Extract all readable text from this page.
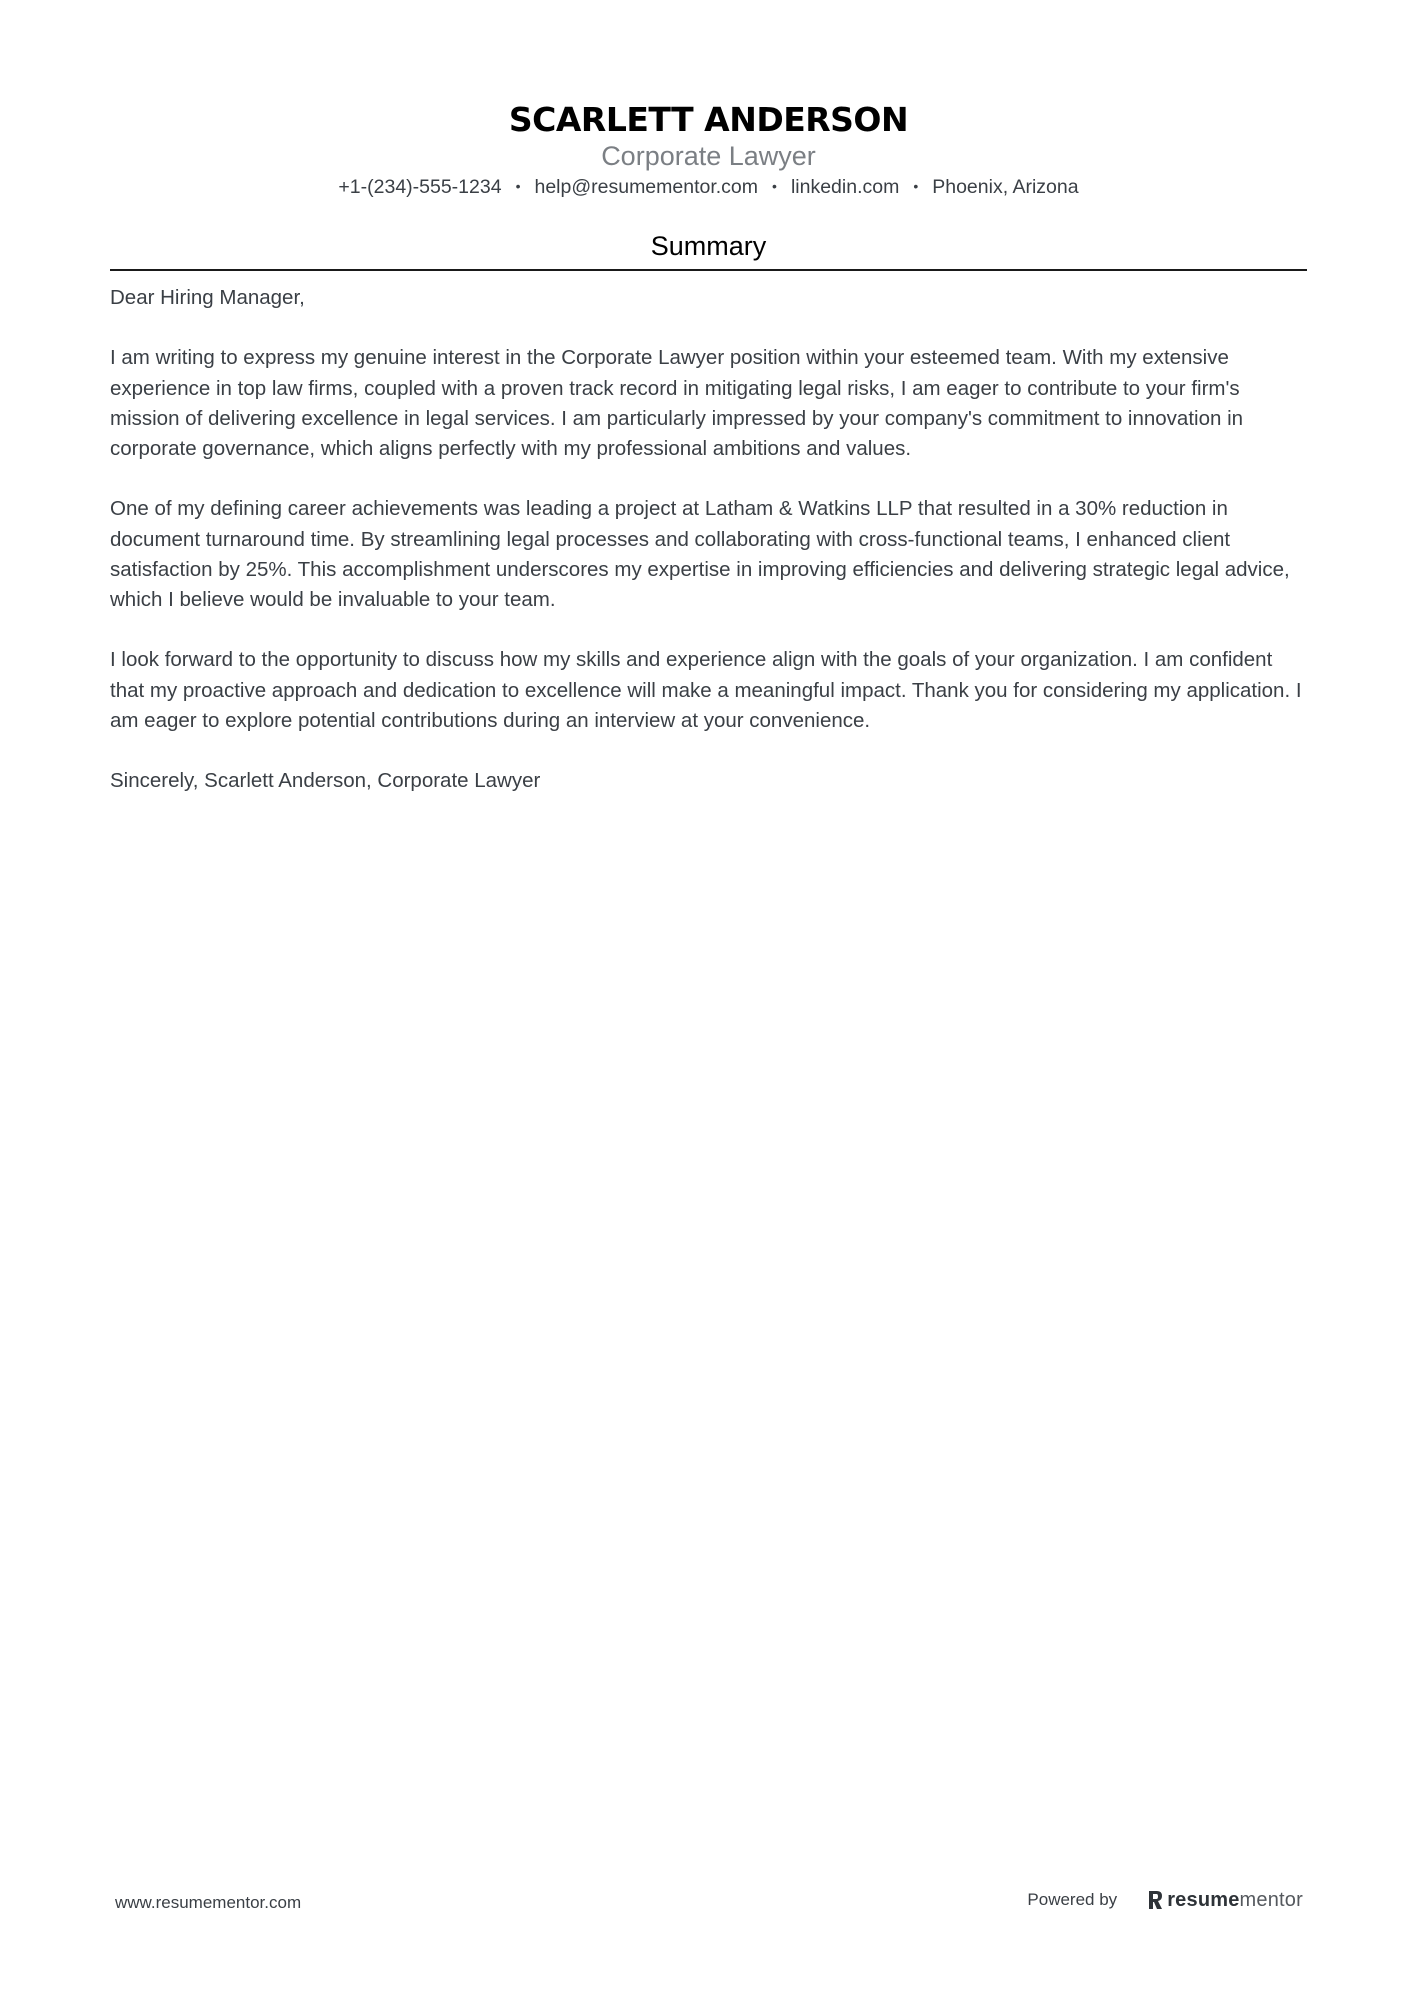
SCARLETT ANDERSON
Corporate Lawyer
+1-(234)-555-1234 • help@resumementor.com • linkedin.com • Phoenix, Arizona
Summary

Dear Hiring Manager,

I am writing to express my genuine interest in the Corporate Lawyer position within your esteemed team. With my extensive experience in top law firms, coupled with a proven track record in mitigating legal risks, I am eager to contribute to your firm's mission of delivering excellence in legal services. I am particularly impressed by your company's commitment to innovation in corporate governance, which aligns perfectly with my professional ambitions and values.

One of my defining career achievements was leading a project at Latham & Watkins LLP that resulted in a 30% reduction in document turnaround time. By streamlining legal processes and collaborating with cross-functional teams, I enhanced client satisfaction by 25%. This accomplishment underscores my expertise in improving efficiencies and delivering strategic legal advice, which I believe would be invaluable to your team.

I look forward to the opportunity to discuss how my skills and experience align with the goals of your organization. I am confident that my proactive approach and dedication to excellence will make a meaningful impact. Thank you for considering my application. I am eager to explore potential contributions during an interview at your convenience.

Sincerely, Scarlett Anderson, Corporate Lawyer

www.resumementor.com	Powered by	resumementor
